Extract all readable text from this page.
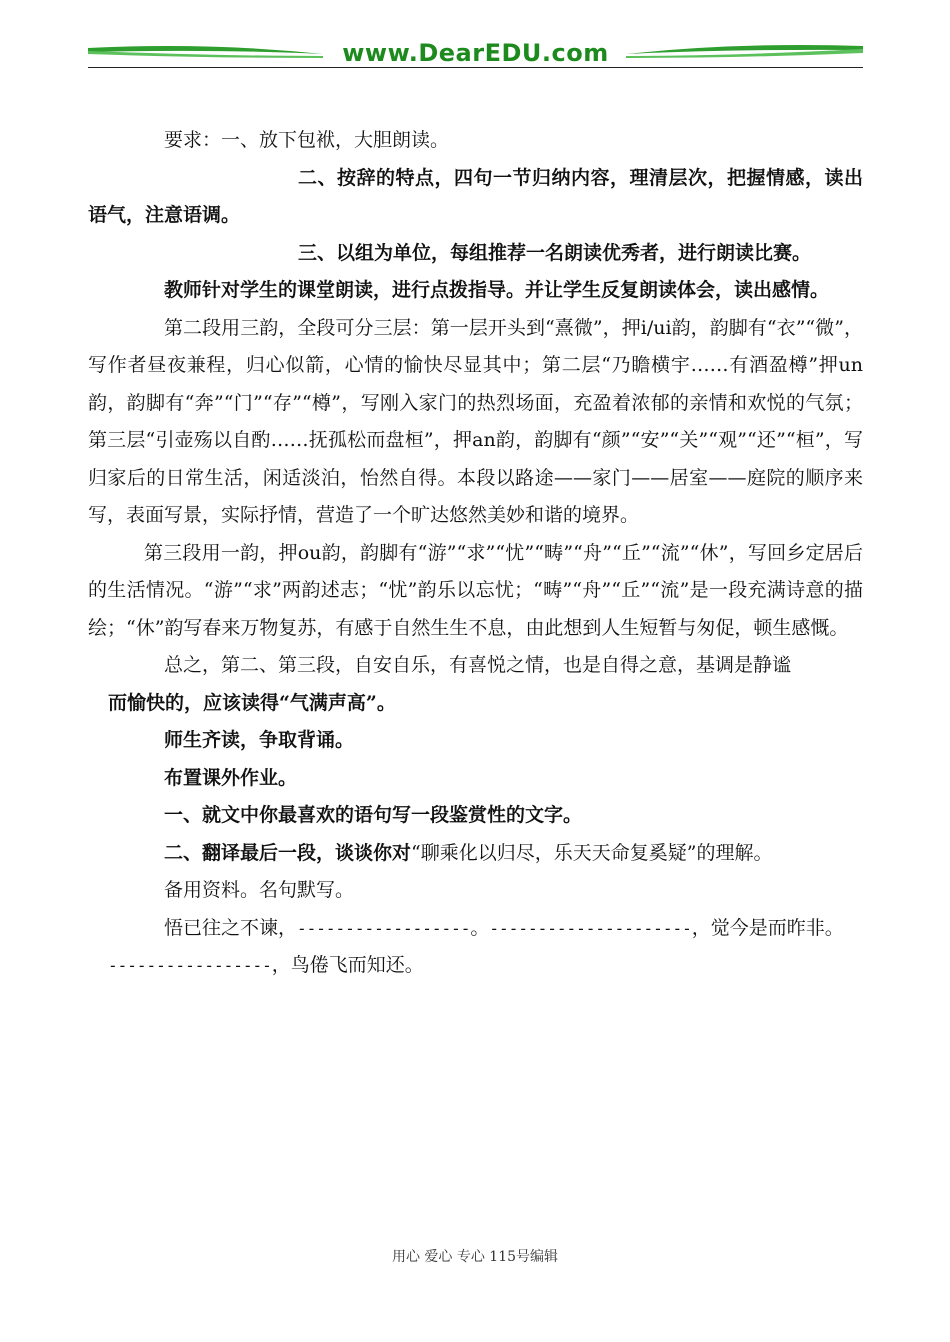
www.DearEDU.com

要求：一、放下包袱，大胆朗读。

二、按辞的特点，四句一节归纳内容，理清层次，把握情感，读出语气，注意语调。

三、以组为单位，每组推荐一名朗读优秀者，进行朗读比赛。

教师针对学生的课堂朗读，进行点拨指导。并让学生反复朗读体会，读出感情。

第二段用三韵，全段可分三层：第一层开头到“熹微”，押i/ui韵，韵脚有“衣”“微”，写作者昼夜兼程，归心似箭，心情的愉快尽显其中；第二层“乃瞻横宇……有酒盈樽”押un韵，韵脚有“奔”“门”“存”“樽”，写刚入家门的热烈场面，充盈着浓郁的亲情和欢悦的气氛；第三层“引壶殇以自酌……抚孤松而盘桓”，押an韵，韵脚有“颜”“安”“关”“观”“还”“桓”，写归家后的日常生活，闲适淡泊，怡然自得。本段以路途——家门——居室——庭院的顺序来写，表面写景，实际抒情，营造了一个旷达悠然美妙和谐的境界。

第三段用一韵，押ou韵，韵脚有“游”“求”“忧”“畴”“舟”“丘”“流”“休”，写回乡定居后的生活情况。“游”“求”两韵述志；“忧”韵乐以忘忧；“畴”“舟”“丘”“流”是一段充满诗意的描绘；“休”韵写春来万物复苏，有感于自然生生不息，由此想到人生短暂与匆促，顿生感慨。

总之，第二、第三段，自安自乐，有喜悦之情，也是自得之意，基调是静谧

而愉快的，应该读得“气满声高”。

师生齐读，争取背诵。

布置课外作业。

一、就文中你最喜欢的语句写一段鉴赏性的文字。

二、翻译最后一段，谈谈你对“聊乘化以归尽，乐天天命复奚疑”的理解。

备用资料。名句默写。

悟已往之不谏，------------------。---------------------，觉今是而昨非。

-----------------，鸟倦飞而知还。

用心 爱心 专心 115号编辑
